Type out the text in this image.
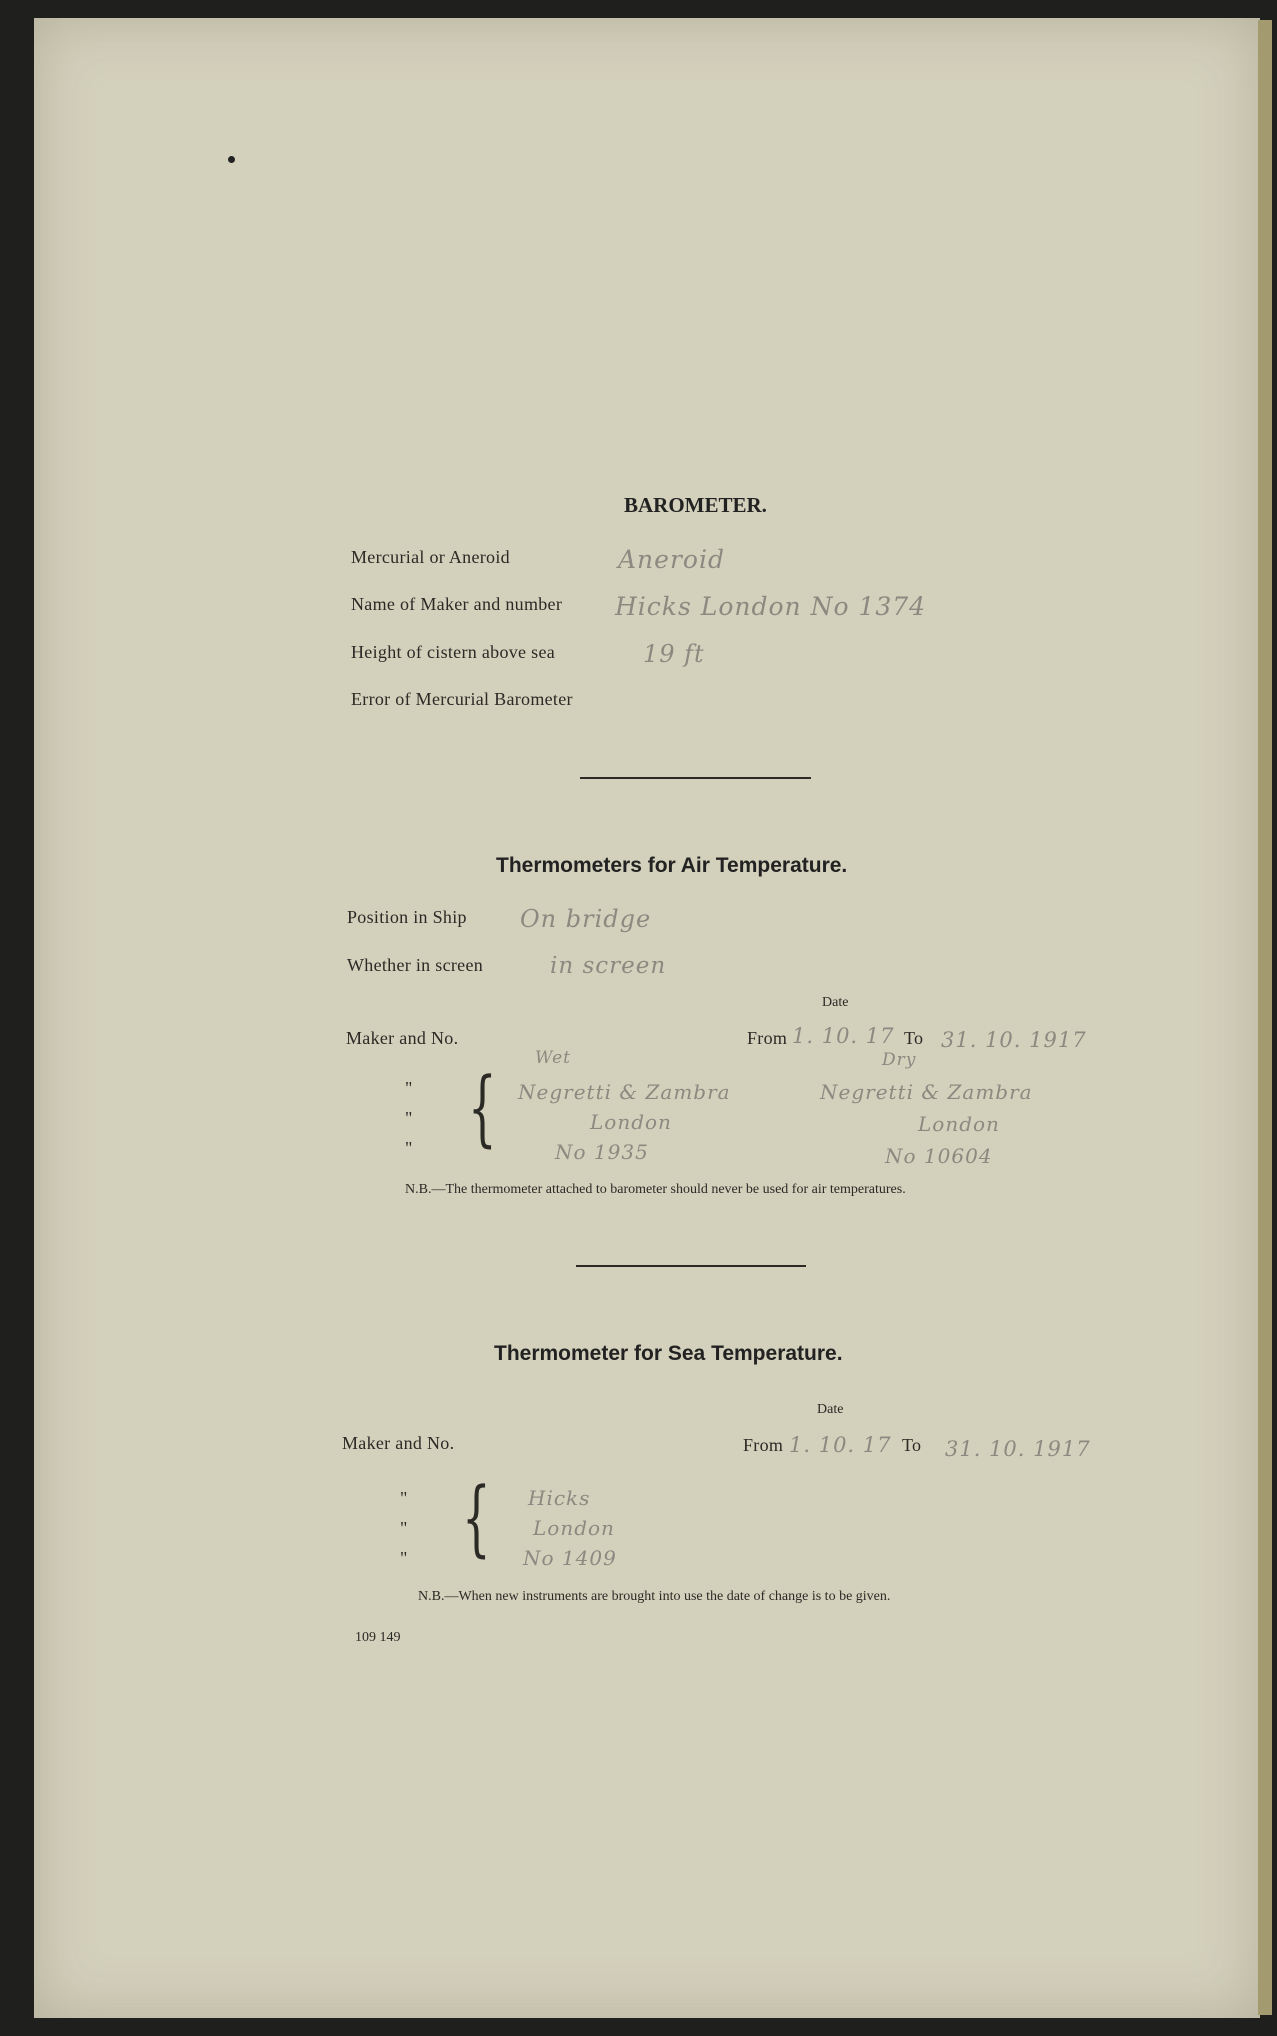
BAROMETER.
Mercurial or Aneroid	Aneroid
Name of Maker and number Hicks London No 1374
Height of cistern above sea	19 ft
Error of Mercurial Barometer
Thermometers for Air Temperature.
Position in Ship On bridge
Whether in screen	in screen
Date
Maker and No.	From 1. 10. 17 To 31. 10. 1917
"
"
" {
Wet
Negretti & Zambra
London
No 1935
Dry
Negretti & Zambra
London
No 10604
N.B.—The thermometer attached to barometer should never be used for air temperatures.
Thermometer for Sea Temperature.
Date
Maker and No.	From 1. 10. 17 To 31. 10. 1917
"
"
" { Hicks
London
No 1409
N.B.—When new instruments are brought into use the date of change is to be given.
109 149
